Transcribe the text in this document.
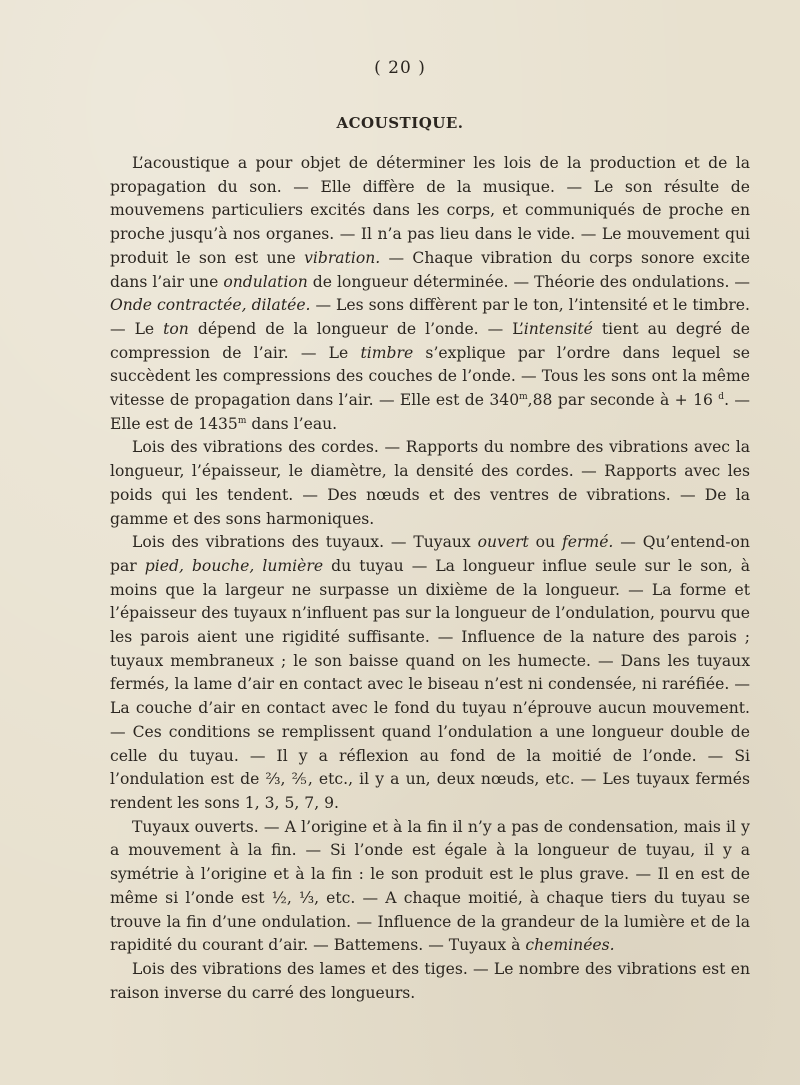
( 20 )
ACOUSTIQUE.

L’acoustique a pour objet de déterminer les lois de la production et de la propagation du son. — Elle diffère de la musique. — Le son résulte de mouvemens particuliers excités dans les corps, et communiqués de proche en proche jusqu’à nos organes. — Il n’a pas lieu dans le vide. — Le mouvement qui produit le son est une vibration. — Chaque vibration du corps sonore excite dans l’air une ondulation de longueur déterminée. — Théorie des ondulations. — Onde contractée, dilatée. — Les sons diffèrent par le ton, l’intensité et le timbre. — Le ton dépend de la longueur de l’onde. — L’intensité tient au degré de compression de l’air. — Le timbre s’explique par l’ordre dans lequel se succèdent les compressions des couches de l’onde. — Tous les sons ont la même vitesse de propagation dans l’air. — Elle est de 340$^m$,88 par seconde à + 16 $^d$. — Elle est de 1435$^m$ dans l’eau.

Lois des vibrations des cordes. — Rapports du nombre des vibrations avec la longueur, l’épaisseur, le diamètre, la densité des cordes. — Rapports avec les poids qui les tendent. — Des nœuds et des ventres de vibrations. — De la gamme et des sons harmoniques.

Lois des vibrations des tuyaux. — Tuyaux ouvert ou fermé. — Qu’entend-on par pied, bouche, lumière du tuyau — La longueur influe seule sur le son, à moins que la largeur ne surpasse un dixième de la longueur. — La forme et l’épaisseur des tuyaux n’influent pas sur la longueur de l’ondulation, pourvu que les parois aient une rigidité suffisante. — Influence de la nature des parois ; tuyaux membraneux ; le son baisse quand on les humecte. — Dans les tuyaux fermés, la lame d’air en contact avec le biseau n’est ni condensée, ni raréfiée. — La couche d’air en contact avec le fond du tuyau n’éprouve aucun mouvement. — Ces conditions se remplissent quand l’ondulation a une longueur double de celle du tuyau. — Il y a réflexion au fond de la moitié de l’onde. — Si l’ondulation est de ⅔, ⅖, etc., il y a un, deux nœuds, etc. — Les tuyaux fermés rendent les sons 1, 3, 5, 7, 9.

Tuyaux ouverts. — A l’origine et à la fin il n’y a pas de condensation, mais il y a mouvement à la fin. — Si l’onde est égale à la longueur de tuyau, il y a symétrie à l’origine et à la fin : le son produit est le plus grave. — Il en est de même si l’onde est ½, ⅓, etc. — A chaque moitié, à chaque tiers du tuyau se trouve la fin d’une ondulation. — Influence de la grandeur de la lumière et de la rapidité du courant d’air. — Battemens. — Tuyaux à cheminées.

Lois des vibrations des lames et des tiges. — Le nombre des vibrations est en raison inverse du carré des longueurs.
